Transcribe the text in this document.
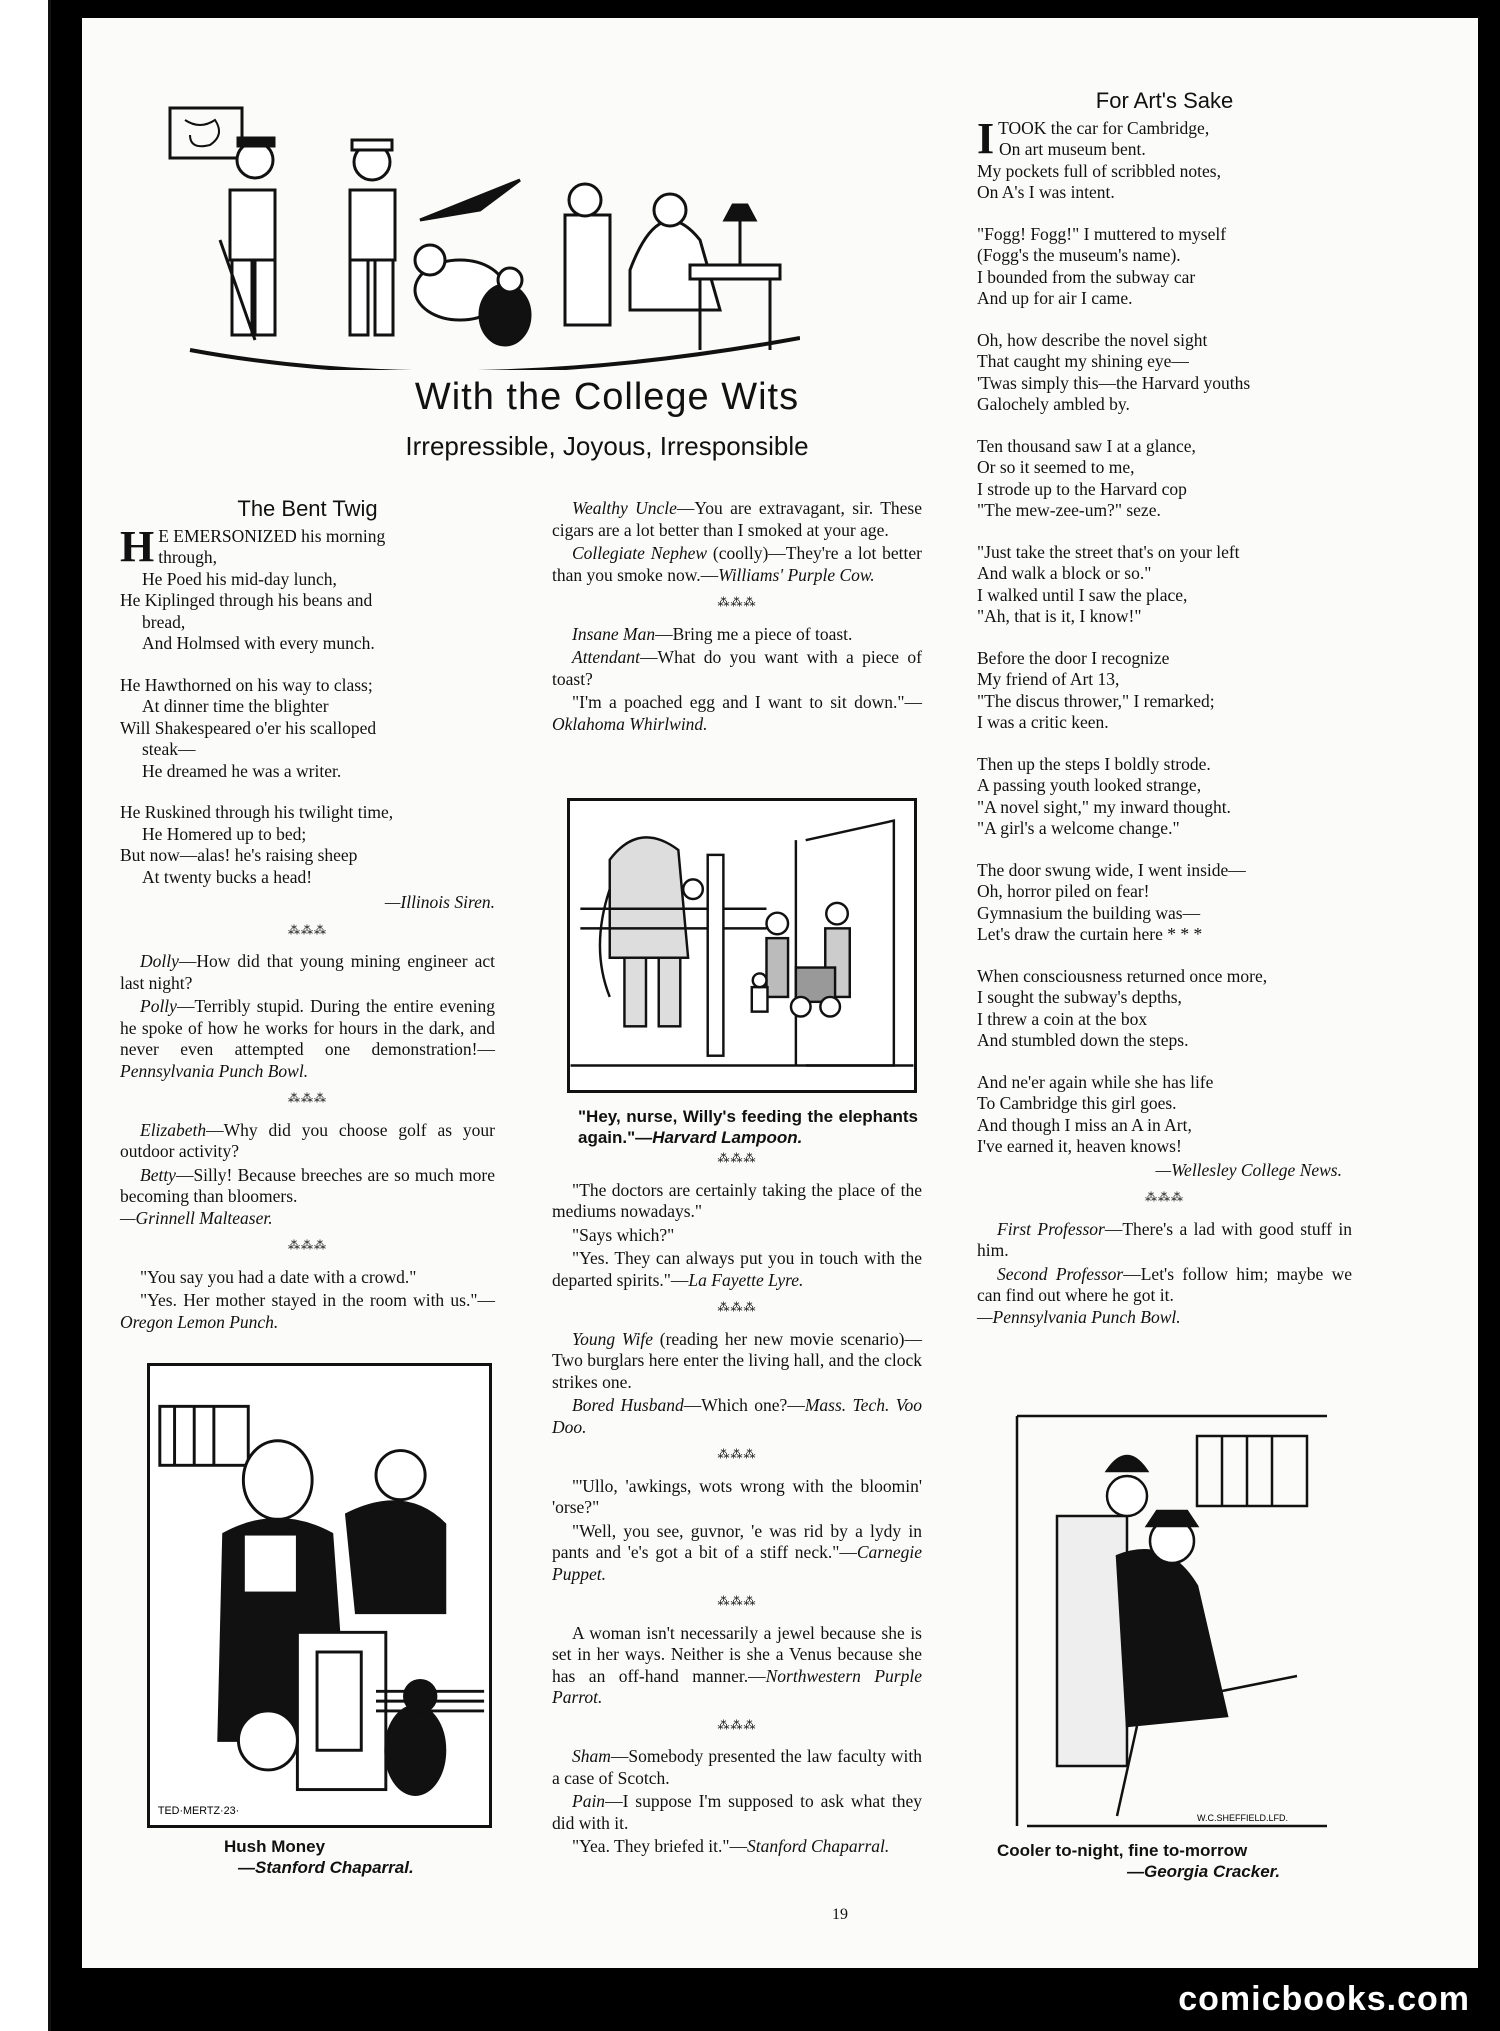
With the College Wits
Irrepressible, Joyous, Irresponsible
The Bent Twig
H E EMERSONIZED his morning
through,
He Poed his mid-day lunch,
He Kiplinged through his beans and
bread,
And Holmsed with every munch.
He Hawthorned on his way to class;
At dinner time the blighter
Will Shakespeared o'er his scalloped
steak—
He dreamed he was a writer.
He Ruskined through his twilight time,
He Homered up to bed;
But now—alas! he's raising sheep
At twenty bucks a head!
—Illinois Siren.
⁂⁂⁂

Dolly—How did that young mining engineer act last night?

Polly—Terribly stupid. During the entire evening he spoke of how he works for hours in the dark, and never even attempted one demonstration!—Pennsylvania Punch Bowl.

⁂⁂⁂

Elizabeth—Why did you choose golf as your outdoor activity?

Betty—Silly! Because breeches are so much more becoming than bloomers.
—Grinnell Malteaser.

⁂⁂⁂

"You say you had a date with a crowd."

"Yes. Her mother stayed in the room with us."—Oregon Lemon Punch.

TED·MERTZ·23·
Hush Money
—Stanford Chaparral.

Wealthy Uncle—You are extravagant, sir. These cigars are a lot better than I smoked at your age.

Collegiate Nephew (coolly)—They're a lot better than you smoke now.—Williams' Purple Cow.

⁂⁂⁂

Insane Man—Bring me a piece of toast.

Attendant—What do you want with a piece of toast?

"I'm a poached egg and I want to sit down."—Oklahoma Whirlwind.

"Hey, nurse, Willy's feeding the elephants again."—Harvard Lampoon.
⁂⁂⁂

"The doctors are certainly taking the place of the mediums nowadays."

"Says which?"

"Yes. They can always put you in touch with the departed spirits."—La Fayette Lyre.

⁂⁂⁂

Young Wife (reading her new movie scenario)—Two burglars here enter the living hall, and the clock strikes one.

Bored Husband—Which one?—Mass. Tech. Voo Doo.

⁂⁂⁂

"'Ullo, 'awkings, wots wrong with the bloomin' 'orse?"

"Well, you see, guvnor, 'e was rid by a lydy in pants and 'e's got a bit of a stiff neck."—Carnegie Puppet.

⁂⁂⁂

A woman isn't necessarily a jewel because she is set in her ways. Neither is she a Venus because she has an off-hand manner.—Northwestern Purple Parrot.

⁂⁂⁂

Sham—Somebody presented the law faculty with a case of Scotch.

Pain—I suppose I'm supposed to ask what they did with it.

"Yea. They briefed it."—Stanford Chaparral.

For Art's Sake
I TOOK the car for Cambridge,
On art museum bent.
My pockets full of scribbled notes,
On A's I was intent.
"Fogg! Fogg!" I muttered to myself
(Fogg's the museum's name).
I bounded from the subway car
And up for air I came.
Oh, how describe the novel sight
That caught my shining eye—
'Twas simply this—the Harvard youths
Galochely ambled by.
Ten thousand saw I at a glance,
Or so it seemed to me,
I strode up to the Harvard cop
"The mew-zee-um?" seze.
"Just take the street that's on your left
And walk a block or so."
I walked until I saw the place,
"Ah, that is it, I know!"
Before the door I recognize
My friend of Art 13,
"The discus thrower," I remarked;
I was a critic keen.
Then up the steps I boldly strode.
A passing youth looked strange,
"A novel sight," my inward thought.
"A girl's a welcome change."
The door swung wide, I went inside—
Oh, horror piled on fear!
Gymnasium the building was—
Let's draw the curtain here * * *
When consciousness returned once more,
I sought the subway's depths,
I threw a coin at the box
And stumbled down the steps.
And ne'er again while she has life
To Cambridge this girl goes.
And though I miss an A in Art,
I've earned it, heaven knows!
—Wellesley College News.
⁂⁂⁂

First Professor—There's a lad with good stuff in him.

Second Professor—Let's follow him; maybe we can find out where he got it.
—Pennsylvania Punch Bowl.

W.C.SHEFFIELD.LFD.
Cooler to-night, fine to-morrow
—Georgia Cracker.
19
comicbooks.com
